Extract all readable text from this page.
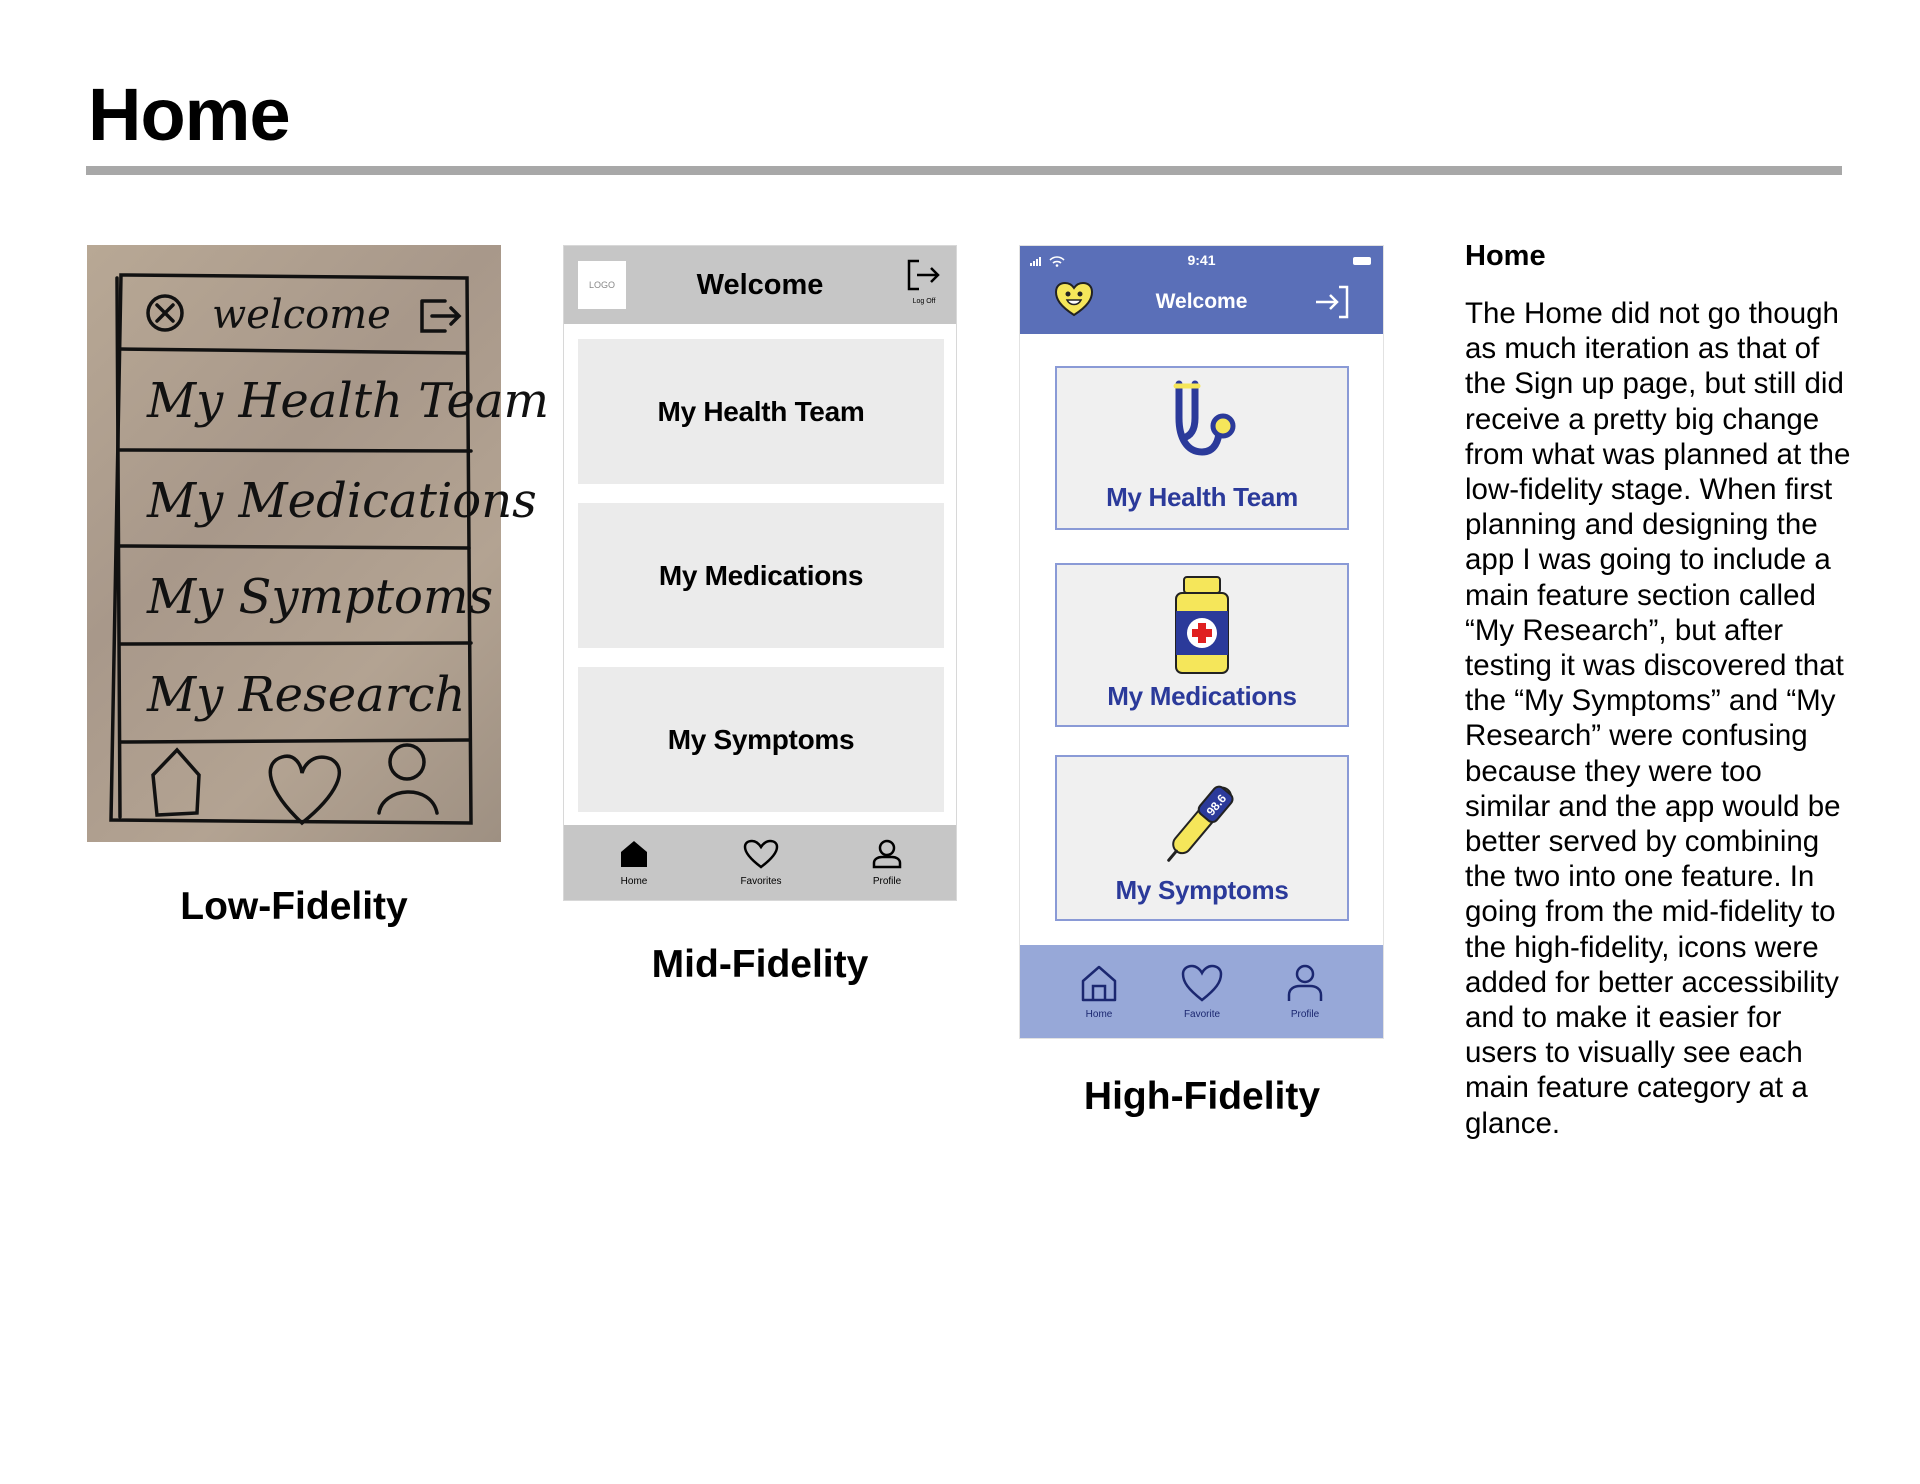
Home
welcome
My Health Team
My Medications
My Symptoms
My Research
Low-Fidelity
LOGO	Welcome
Log Off
My Health Team
My Medications
My Symptoms
Home	Favorites	Profile
Mid-Fidelity
9:41
Welcome
My Health Team
My Medications
98.6
My Symptoms
Home	Favorite	Profile
High-Fidelity
Home

The Home did not go though as much iteration as that of the Sign up page, but still did receive a pretty big change from what was planned at the low-fidelity stage. When first planning and designing the app I was going to include a main feature section called “My Research”, but after testing it was discovered that the “My Symptoms” and “My Research” were confusing because they were too similar and the app would be better served by combining the two into one feature. In going from the mid-fidelity to the high-fidelity, icons were added for better accessibility and to make it easier for users to visually see each main feature category at a glance.
